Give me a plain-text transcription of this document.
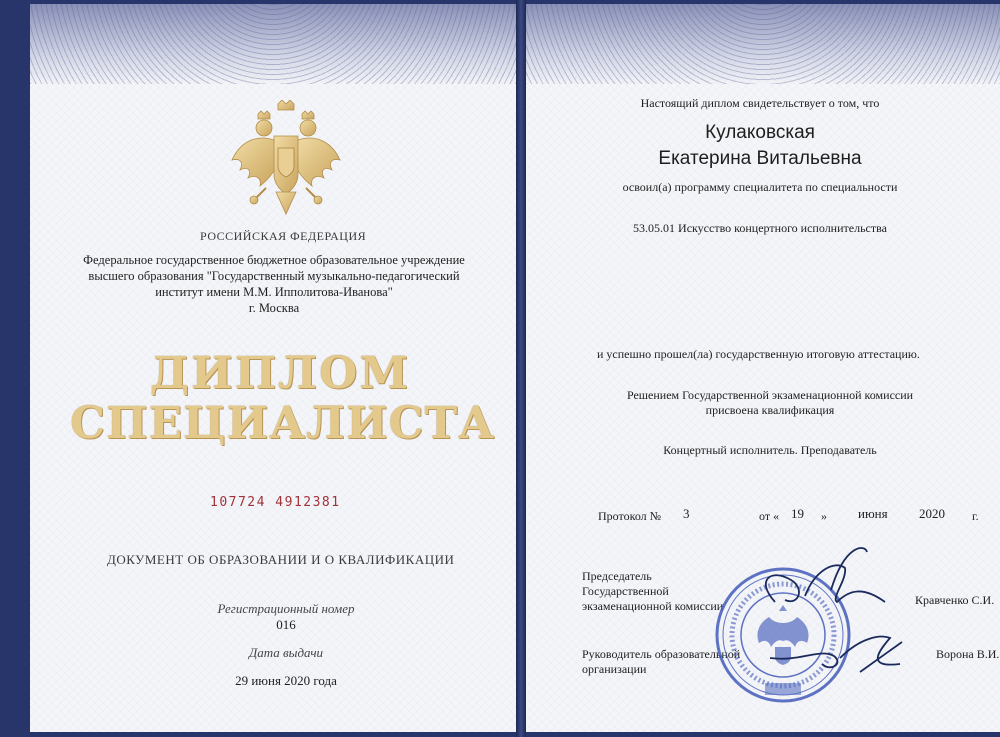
РОССИЙСКАЯ ФЕДЕРАЦИЯ
Федеральное государственное бюджетное образовательное учреждение
высшего образования "Государственный музыкально-педагогический
институт имени М.М. Ипполитова-Иванова"
г. Москва
ДИПЛОМ
СПЕЦИАЛИСТА
107724 4912381
ДОКУМЕНТ ОБ ОБРАЗОВАНИИ И О КВАЛИФИКАЦИИ
Регистрационный номер
016
Дата выдачи
29 июня 2020 года
Настоящий диплом свидетельствует о том, что
Кулаковская
Екатерина Витальевна
освоил(а) программу специалитета по специальности
53.05.01 Искусство концертного исполнительства
и успешно прошел(ла) государственную итоговую аттестацию.
Решением Государственной экзаменационной комиссии
присвоена квалификация
Концертный исполнитель. Преподаватель
Протокол № 3	от « 19 » июня 2020 г.
Председатель
Государственной
экзаменационной комиссии	Кравченко С.И.
Руководитель образовательной
организации
Ворона В.И.
